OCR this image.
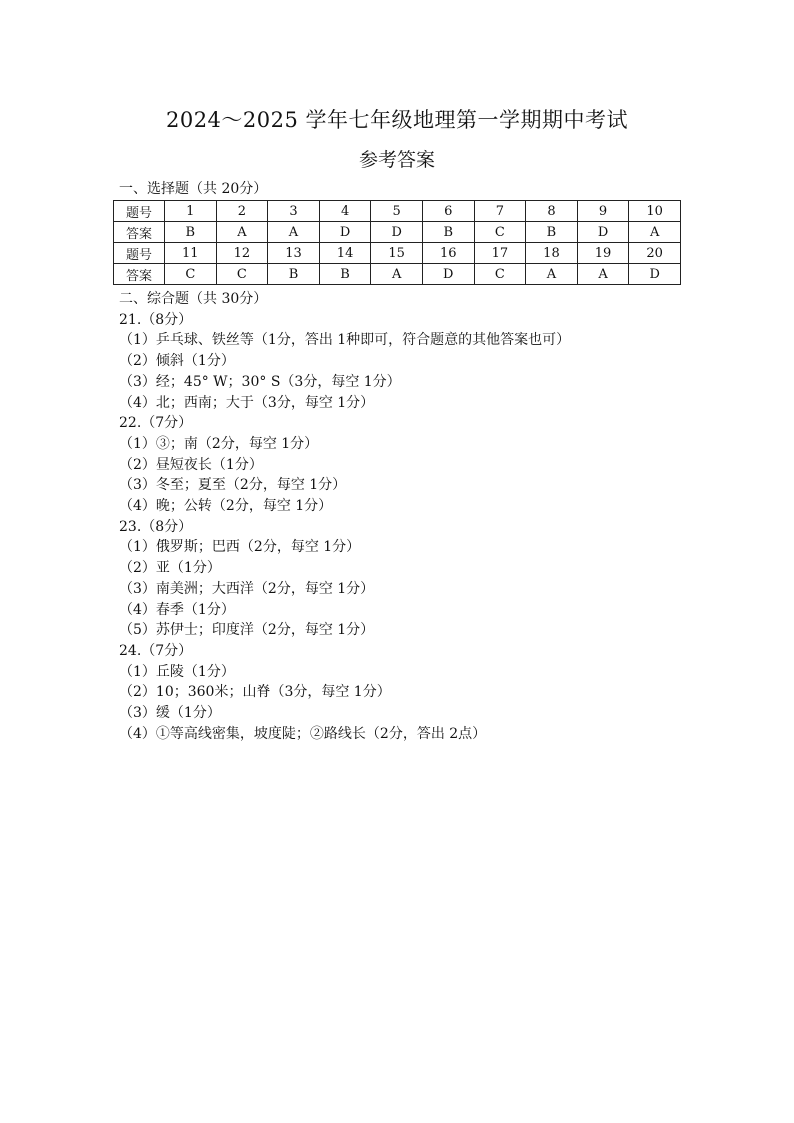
2024～2025 学年七年级地理第一学期期中考试
参考答案
一、选择题（共 20分）
题号	1	2	3	4	5	6	7	8	9	10
答案	B	A	A	D	D	B	C	B	D	A
题号	11	12	13	14	15	16	17	18	19	20
答案	C	C	B	B	A	D	C	A	A	D
二、综合题（共 30分）
21.（8分）
（1）乒乓球、铁丝等（1分，答出 1种即可，符合题意的其他答案也可）
（2）倾斜（1分）
（3）经；45° W；30° S（3分，每空 1分）
（4）北；西南；大于（3分，每空 1分）
22.（7分）
（1）③；南（2分，每空 1分）
（2）昼短夜长（1分）
（3）冬至；夏至（2分，每空 1分）
（4）晚；公转（2分，每空 1分）
23.（8分）
（1）俄罗斯；巴西（2分，每空 1分）
（2）亚（1分）
（3）南美洲；大西洋（2分，每空 1分）
（4）春季（1分）
（5）苏伊士；印度洋（2分，每空 1分）
24.（7分）
（1）丘陵（1分）
（2）10；360米；山脊（3分，每空 1分）
（3）缓（1分）
（4）①等高线密集，坡度陡；②路线长（2分，答出 2点）
